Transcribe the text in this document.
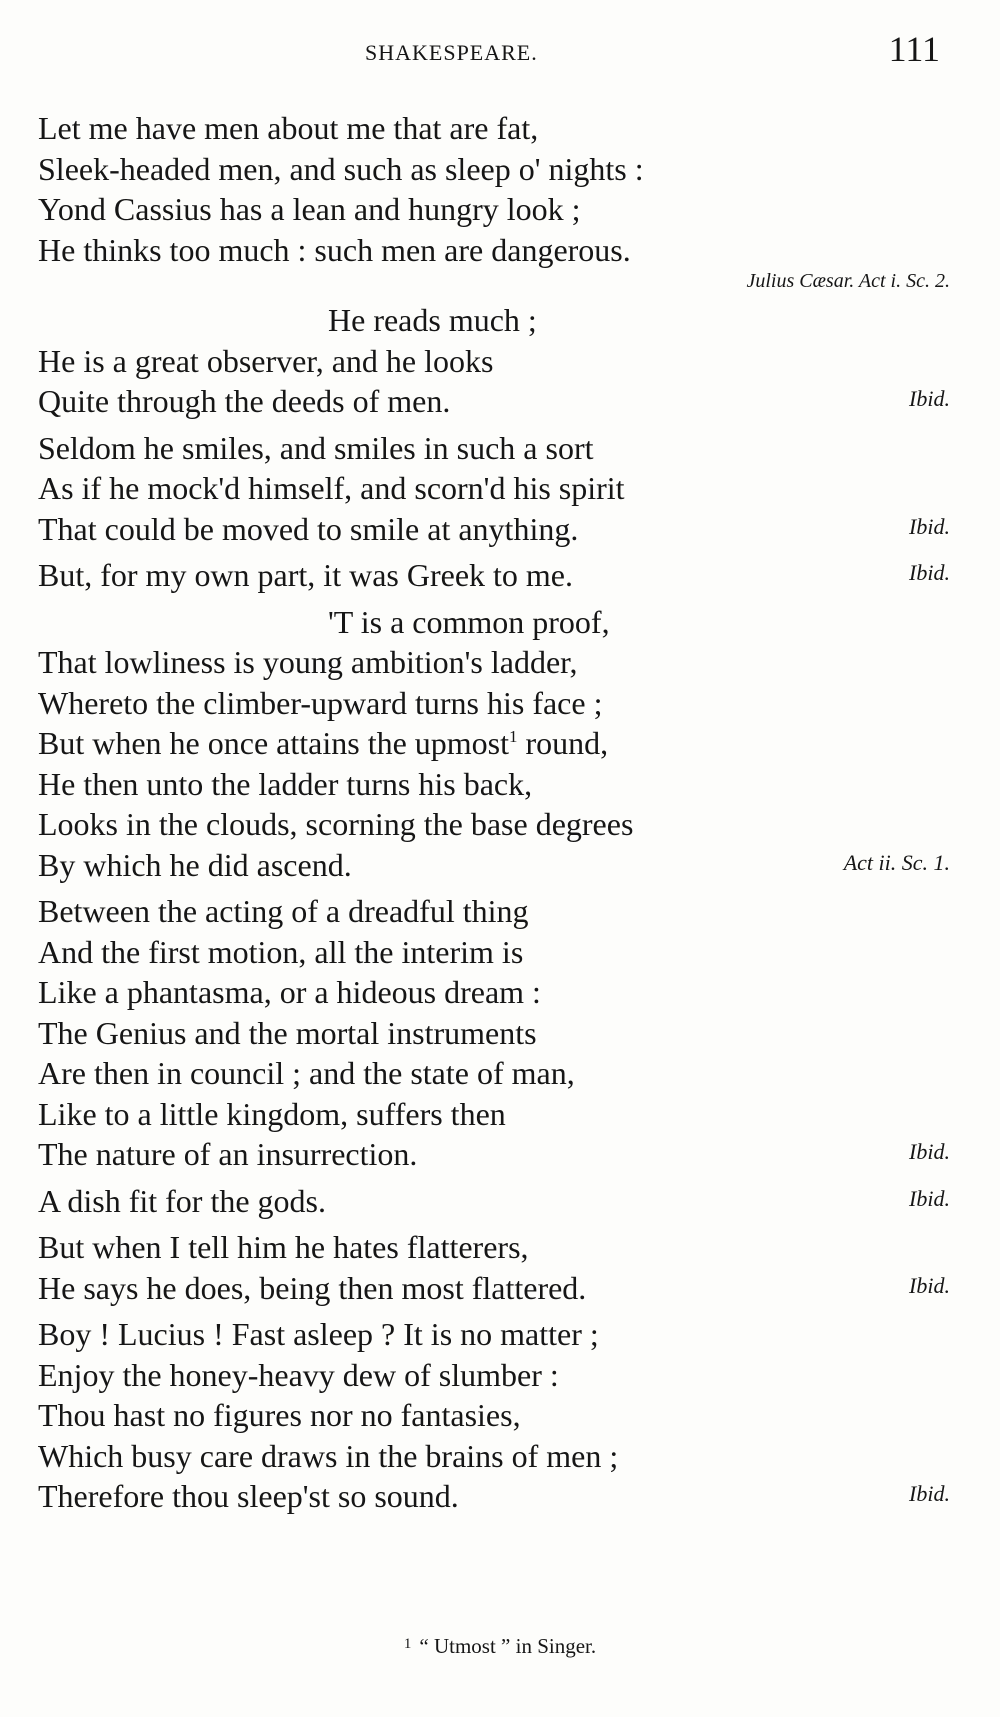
SHAKESPEARE.	111
Let me have men about me that are fat,
Sleek-headed men, and such as sleep o' nights :
Yond Cassius has a lean and hungry look ;
He thinks too much : such men are dangerous.
Julius Cæsar. Act i. Sc. 2.
He reads much ;
He is a great observer, and he looks
Quite through the deeds of men.	Ibid.
Seldom he smiles, and smiles in such a sort
As if he mock'd himself, and scorn'd his spirit
That could be moved to smile at anything.	Ibid.
But, for my own part, it was Greek to me.	Ibid.
'T is a common proof,
That lowliness is young ambition's ladder,
Whereto the climber-upward turns his face ;
But when he once attains the upmost$^1$ round,
He then unto the ladder turns his back,
Looks in the clouds, scorning the base degrees
By which he did ascend.	Act ii. Sc. 1.
Between the acting of a dreadful thing
And the first motion, all the interim is
Like a phantasma, or a hideous dream :
The Genius and the mortal instruments
Are then in council ; and the state of man,
Like to a little kingdom, suffers then
The nature of an insurrection.	Ibid.
A dish fit for the gods.	Ibid.
But when I tell him he hates flatterers,
He says he does, being then most flattered.	Ibid.
Boy ! Lucius ! Fast asleep ? It is no matter ;
Enjoy the honey-heavy dew of slumber :
Thou hast no figures nor no fantasies,
Which busy care draws in the brains of men ;
Therefore thou sleep'st so sound.	Ibid.
$^1$ “ Utmost ” in Singer.
